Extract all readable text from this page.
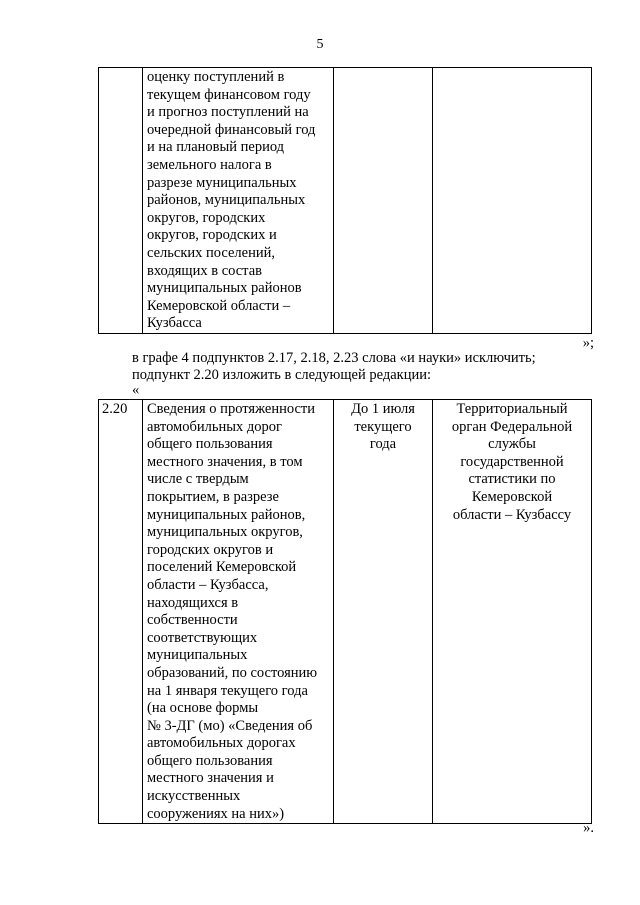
5
	оценку поступлений в
текущем финансовом году
и прогноз поступлений на
очередной финансовый год
и на плановый период
земельного налога в
разрезе муниципальных
районов, муниципальных
округов, городских
округов, городских и
сельских поселений,
входящих в состав
муниципальных районов
Кемеровской области –
Кузбасса		
»;
в графе 4 подпунктов 2.17, 2.18, 2.23 слова «и науки» исключить;
подпункт 2.20 изложить в следующей редакции:
«
2.20	Сведения о протяженности
автомобильных дорог
общего пользования
местного значения, в том
числе с твердым
покрытием, в разрезе
муниципальных районов,
муниципальных округов,
городских округов и
поселений Кемеровской
области – Кузбасса,
находящихся в
собственности
соответствующих
муниципальных
образований, по состоянию
на 1 января текущего года
(на основе формы
№ 3-ДГ (мо) «Сведения об
автомобильных дорогах
общего пользования
местного значения и
искусственных
сооружениях на них»)	До 1 июля
текущего
года	Территориальный
орган Федеральной
службы
государственной
статистики по
Кемеровской
области – Кузбассу
».
